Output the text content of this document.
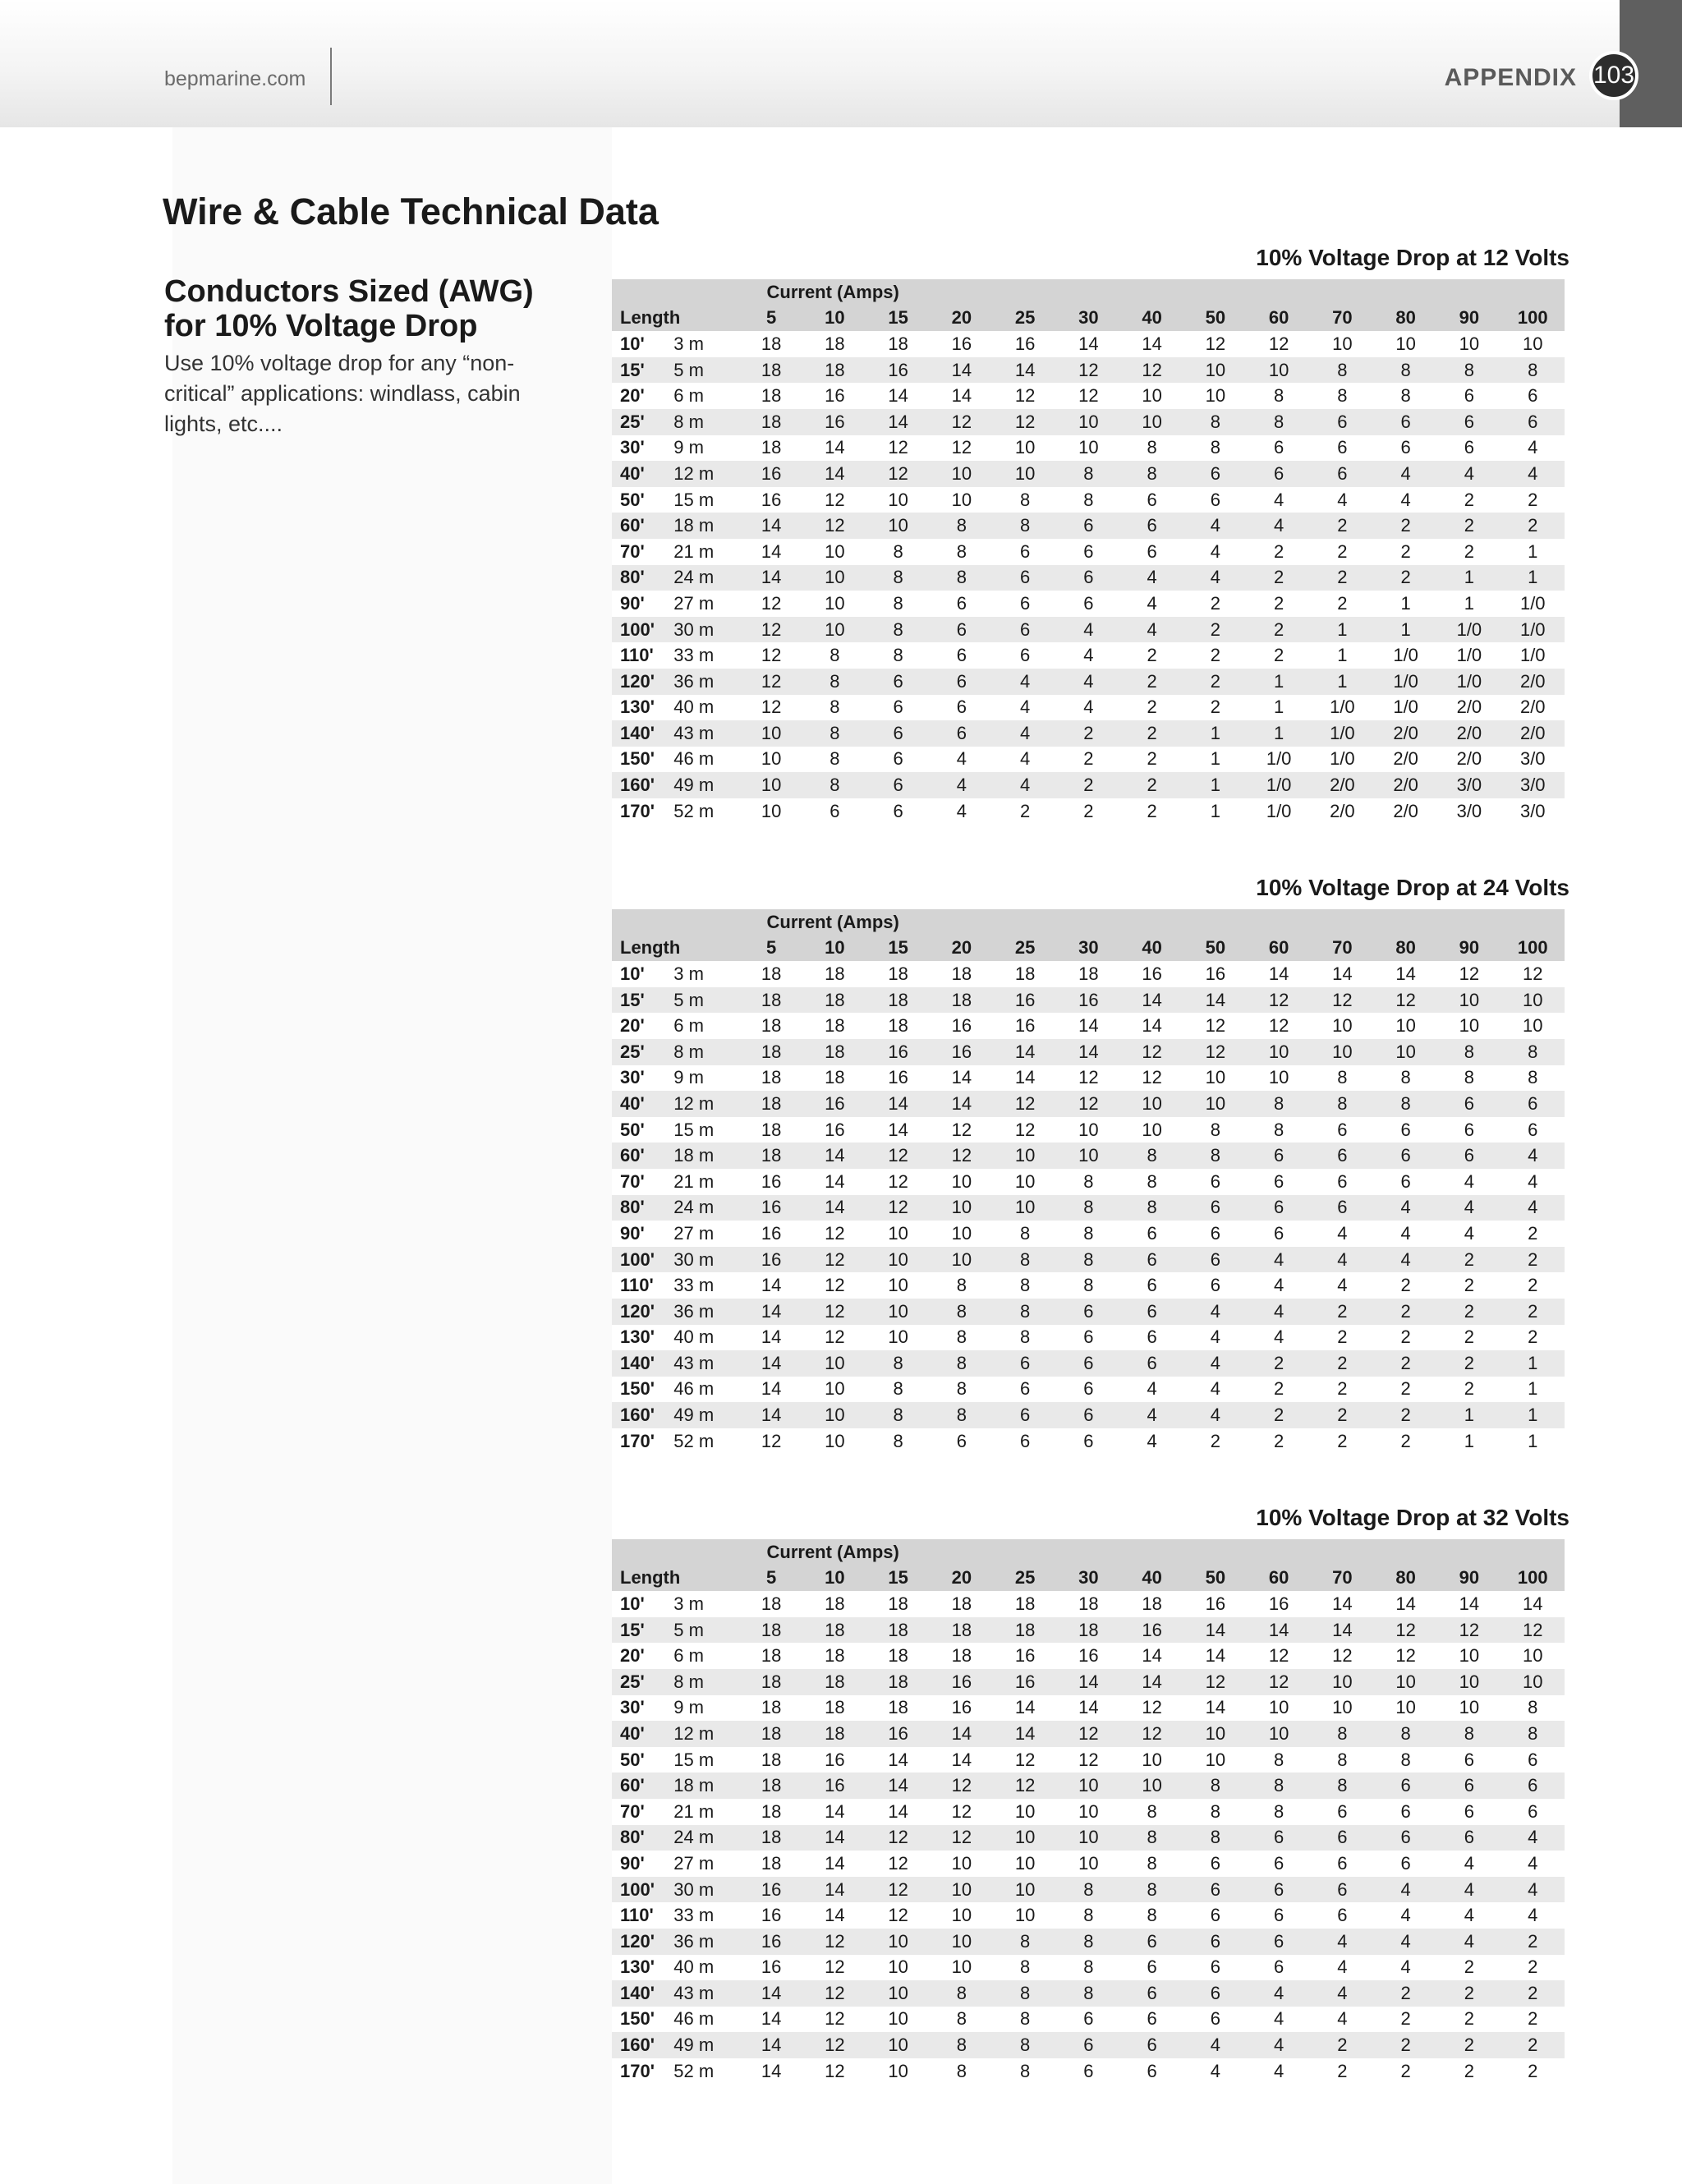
bepmarine.com	APPENDIX 103
Wire & Cable Technical Data
Conductors Sized (AWG) for 10% Voltage Drop
Use 10% voltage drop for any “non-critical” applications: windlass, cabin lights, etc....
10% Voltage Drop at 12 Volts
		Current (Amps)												
Length		5	10	15	20	25	30	40	50	60	70	80	90	100
10'	3 m	18	18	18	16	16	14	14	12	12	10	10	10	10
15'	5 m	18	18	16	14	14	12	12	10	10	8	8	8	8
20'	6 m	18	16	14	14	12	12	10	10	8	8	8	6	6
25'	8 m	18	16	14	12	12	10	10	8	8	6	6	6	6
30'	9 m	18	14	12	12	10	10	8	8	6	6	6	6	4
40'	12 m	16	14	12	10	10	8	8	6	6	6	4	4	4
50'	15 m	16	12	10	10	8	8	6	6	4	4	4	2	2
60'	18 m	14	12	10	8	8	6	6	4	4	2	2	2	2
70'	21 m	14	10	8	8	6	6	6	4	2	2	2	2	1
80'	24 m	14	10	8	8	6	6	4	4	2	2	2	1	1
90'	27 m	12	10	8	6	6	6	4	2	2	2	1	1	1/0
100'	30 m	12	10	8	6	6	4	4	2	2	1	1	1/0	1/0
110'	33 m	12	8	8	6	6	4	2	2	2	1	1/0	1/0	1/0
120'	36 m	12	8	6	6	4	4	2	2	1	1	1/0	1/0	2/0
130'	40 m	12	8	6	6	4	4	2	2	1	1/0	1/0	2/0	2/0
140'	43 m	10	8	6	6	4	2	2	1	1	1/0	2/0	2/0	2/0
150'	46 m	10	8	6	4	4	2	2	1	1/0	1/0	2/0	2/0	3/0
160'	49 m	10	8	6	4	4	2	2	1	1/0	2/0	2/0	3/0	3/0
170'	52 m	10	6	6	4	2	2	2	1	1/0	2/0	2/0	3/0	3/0
10% Voltage Drop at 24 Volts
		Current (Amps)												
Length		5	10	15	20	25	30	40	50	60	70	80	90	100
10'	3 m	18	18	18	18	18	18	16	16	14	14	14	12	12
15'	5 m	18	18	18	18	16	16	14	14	12	12	12	10	10
20'	6 m	18	18	18	16	16	14	14	12	12	10	10	10	10
25'	8 m	18	18	16	16	14	14	12	12	10	10	10	8	8
30'	9 m	18	18	16	14	14	12	12	10	10	8	8	8	8
40'	12 m	18	16	14	14	12	12	10	10	8	8	8	6	6
50'	15 m	18	16	14	12	12	10	10	8	8	6	6	6	6
60'	18 m	18	14	12	12	10	10	8	8	6	6	6	6	4
70'	21 m	16	14	12	10	10	8	8	6	6	6	6	4	4
80'	24 m	16	14	12	10	10	8	8	6	6	6	4	4	4
90'	27 m	16	12	10	10	8	8	6	6	6	4	4	4	2
100'	30 m	16	12	10	10	8	8	6	6	4	4	4	2	2
110'	33 m	14	12	10	8	8	8	6	6	4	4	2	2	2
120'	36 m	14	12	10	8	8	6	6	4	4	2	2	2	2
130'	40 m	14	12	10	8	8	6	6	4	4	2	2	2	2
140'	43 m	14	10	8	8	6	6	6	4	2	2	2	2	1
150'	46 m	14	10	8	8	6	6	4	4	2	2	2	2	1
160'	49 m	14	10	8	8	6	6	4	4	2	2	2	1	1
170'	52 m	12	10	8	6	6	6	4	2	2	2	2	1	1
10% Voltage Drop at 32 Volts
		Current (Amps)												
Length		5	10	15	20	25	30	40	50	60	70	80	90	100
10'	3 m	18	18	18	18	18	18	18	16	16	14	14	14	14
15'	5 m	18	18	18	18	18	18	16	14	14	14	12	12	12
20'	6 m	18	18	18	18	16	16	14	14	12	12	12	10	10
25'	8 m	18	18	18	16	16	14	14	12	12	10	10	10	10
30'	9 m	18	18	18	16	14	14	12	14	10	10	10	10	8
40'	12 m	18	18	16	14	14	12	12	10	10	8	8	8	8
50'	15 m	18	16	14	14	12	12	10	10	8	8	8	6	6
60'	18 m	18	16	14	12	12	10	10	8	8	8	6	6	6
70'	21 m	18	14	14	12	10	10	8	8	8	6	6	6	6
80'	24 m	18	14	12	12	10	10	8	8	6	6	6	6	4
90'	27 m	18	14	12	10	10	10	8	6	6	6	6	4	4
100'	30 m	16	14	12	10	10	8	8	6	6	6	4	4	4
110'	33 m	16	14	12	10	10	8	8	6	6	6	4	4	4
120'	36 m	16	12	10	10	8	8	6	6	6	4	4	4	2
130'	40 m	16	12	10	10	8	8	6	6	6	4	4	2	2
140'	43 m	14	12	10	8	8	8	6	6	4	4	2	2	2
150'	46 m	14	12	10	8	8	6	6	6	4	4	2	2	2
160'	49 m	14	12	10	8	8	6	6	4	4	2	2	2	2
170'	52 m	14	12	10	8	8	6	6	4	4	2	2	2	2
